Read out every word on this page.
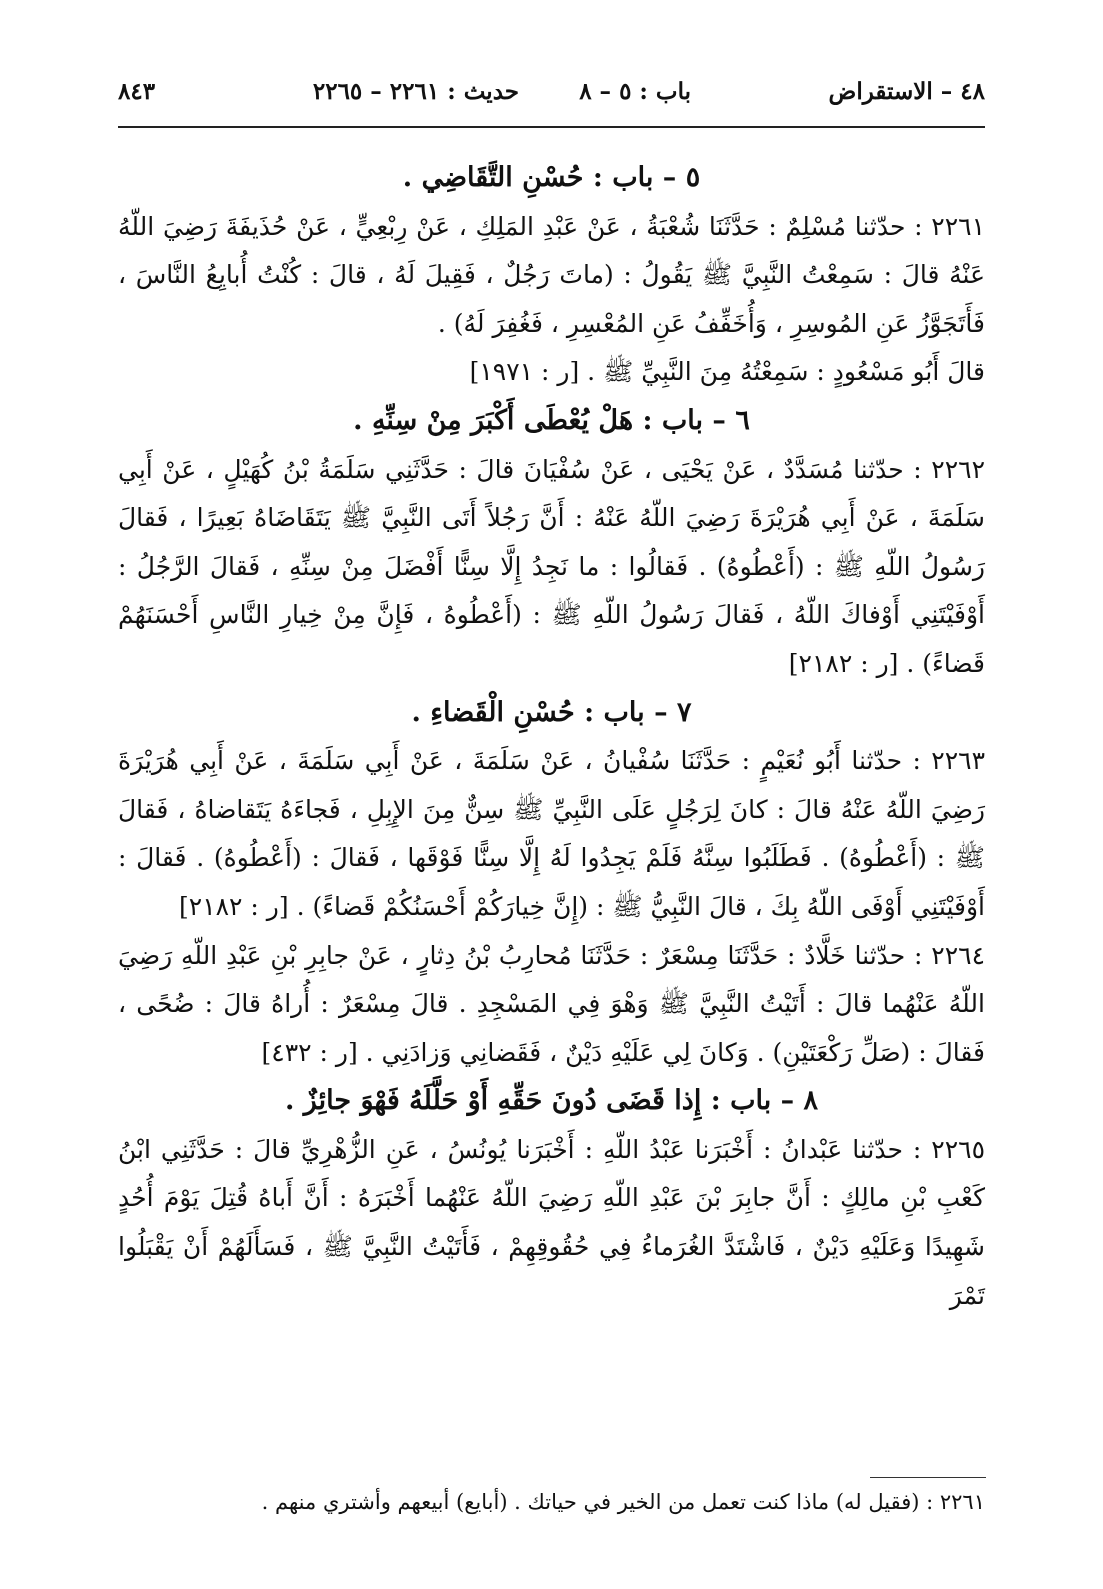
٤٨ – الاستقراض
باب : ٥ – ٨
حديث : ٢٢٦١ – ٢٢٦٥
٨٤٣

٥ – باب : حُسْنِ التَّقَاضِي .

٢٢٦١ : حدّثنا مُسْلِمٌ : حَدَّثَنَا شُعْبَةُ ، عَنْ عَبْدِ المَلِكِ ، عَنْ رِبْعِيٍّ ، عَنْ حُذَيفَةَ رَضِيَ اللّهُ عَنْهُ قالَ : سَمِعْتُ النَّبِيَّ ﷺ يَقُولُ : (ماتَ رَجُلٌ ، فَقِيلَ لَهُ ، قالَ : كُنْتُ أُبايِعُ النَّاسَ ، فَأَتَجَوَّزُ عَنِ المُوسِرِ ، وَأُخَفِّفُ عَنِ المُعْسِرِ ، فَغُفِرَ لَهُ) .

قالَ أَبُو مَسْعُودٍ : سَمِعْتُهُ مِنَ النَّبِيِّ ﷺ . [ر : ١٩٧١]

٦ – باب : هَلْ يُعْطَى أَكْبَرَ مِنْ سِنِّهِ .

٢٢٦٢ : حدّثنا مُسَدَّدٌ ، عَنْ يَحْيَى ، عَنْ سُفْيَانَ قالَ : حَدَّثَنِي سَلَمَةُ بْنُ كُهَيْلٍ ، عَنْ أَبِي سَلَمَةَ ، عَنْ أَبِي هُرَيْرَةَ رَضِيَ اللّهُ عَنْهُ : أَنَّ رَجُلاً أَتَى النَّبِيَّ ﷺ يَتَقَاضَاهُ بَعِيرًا ، فَقالَ رَسُولُ اللّهِ ﷺ : (أَعْطُوهُ) . فَقالُوا : ما نَجِدُ إِلَّا سِنًّا أَفْضَلَ مِنْ سِنِّهِ ، فَقالَ الرَّجُلُ : أَوْفَيْتَنِي أَوْفاكَ اللّهُ ، فَقالَ رَسُولُ اللّهِ ﷺ : (أَعْطُوهُ ، فَإِنَّ مِنْ خِيارِ النَّاسِ أَحْسَنَهُمْ قَضاءً) . [ر : ٢١٨٢]

٧ – باب : حُسْنِ الْقَضاءِ .

٢٢٦٣ : حدّثنا أَبُو نُعَيْمٍ : حَدَّثَنَا سُفْيانُ ، عَنْ سَلَمَةَ ، عَنْ أَبِي سَلَمَةَ ، عَنْ أَبِي هُرَيْرَةَ رَضِيَ اللّهُ عَنْهُ قالَ : كانَ لِرَجُلٍ عَلَى النَّبِيِّ ﷺ سِنٌّ مِنَ الإِبِلِ ، فَجاءَهُ يَتَقاضاهُ ، فَقالَ ﷺ : (أَعْطُوهُ) . فَطَلَبُوا سِنَّهُ فَلَمْ يَجِدُوا لَهُ إِلَّا سِنًّا فَوْقَها ، فَقالَ : (أَعْطُوهُ) . فَقالَ : أَوْفَيْتَنِي أَوْفَى اللّهُ بِكَ ، قالَ النَّبِيُّ ﷺ : (إِنَّ خِيارَكُمْ أَحْسَنُكُمْ قَضاءً) . [ر : ٢١٨٢]

٢٢٦٤ : حدّثنا خَلَّادٌ : حَدَّثَنَا مِسْعَرٌ : حَدَّثَنَا مُحارِبُ بْنُ دِثارٍ ، عَنْ جابِرِ بْنِ عَبْدِ اللّهِ رَضِيَ اللّهُ عَنْهُما قالَ : أَتَيْتُ النَّبِيَّ ﷺ وَهْوَ فِي المَسْجِدِ . قالَ مِسْعَرٌ : أُراهُ قالَ : ضُحًى ، فَقالَ : (صَلِّ رَكْعَتَيْنِ) . وَكانَ لِي عَلَيْهِ دَيْنٌ ، فَقَضانِي وَزادَنِي . [ر : ٤٣٢]

٨ – باب : إِذا قَضَى دُونَ حَقِّهِ أَوْ حَلَّلَهُ فَهْوَ جائِزٌ .

٢٢٦٥ : حدّثنا عَبْدانُ : أَخْبَرَنا عَبْدُ اللّهِ : أَخْبَرَنا يُونُسُ ، عَنِ الزُّهْرِيِّ قالَ : حَدَّثَنِي ابْنُ كَعْبِ بْنِ مالِكٍ : أَنَّ جابِرَ بْنَ عَبْدِ اللّهِ رَضِيَ اللّهُ عَنْهُما أَخْبَرَهُ : أَنَّ أَباهُ قُتِلَ يَوْمَ أُحُدٍ شَهِيدًا وَعَلَيْهِ دَيْنٌ ، فَاشْتَدَّ الغُرَماءُ فِي حُقُوقِهِمْ ، فَأَتَيْتُ النَّبِيَّ ﷺ ، فَسَأَلَهُمْ أَنْ يَقْبَلُوا تَمْرَ

٢٢٦١ : (فقيل له) ماذا كنت تعمل من الخير في حياتك . (أبايع) أبيعهم وأشتري منهم .
